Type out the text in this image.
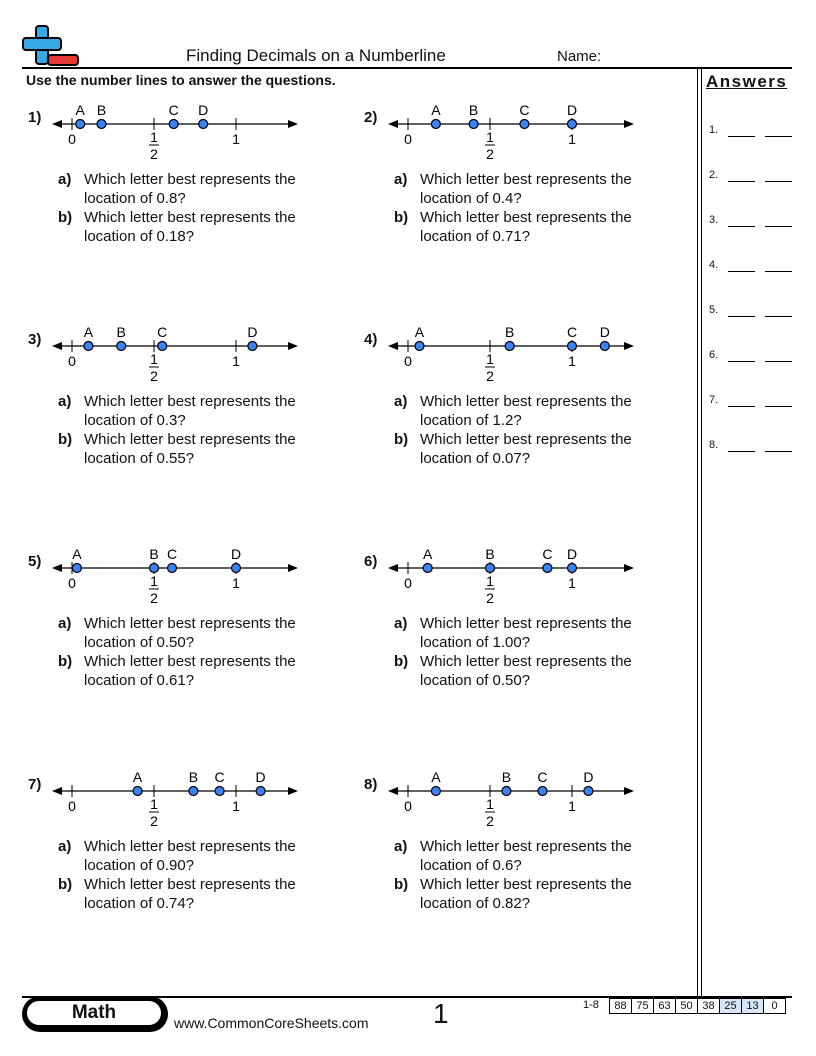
Finding Decimals on a Numberline	Name:
Use the number lines to answer the questions.	Answers
1.
2.
3.
4.
5.
6.
7.
8.
1)
0	1
1
2
A B	C D
a) Which letter best represents the
location of 0.8?
b) Which letter best represents the
location of 0.18?
2)
0	1
1
2
A B	C	D
a) Which letter best represents the
location of 0.4?
b) Which letter best represents the
location of 0.71?
3)
0	1
1
2
A B C	D
a) Which letter best represents the
location of 0.3?
b) Which letter best represents the
location of 0.55?
4)
0	1
1
2
A	B	C D
a) Which letter best represents the
location of 1.2?
b) Which letter best represents the
location of 0.07?
5)
0	1
1
2
A	B C	D
a) Which letter best represents the
location of 0.50?
b) Which letter best represents the
location of 0.61?
6)
0	1
1
2
A	B	C D
a) Which letter best represents the
location of 1.00?
b) Which letter best represents the
location of 0.50?
7)
0	1
1
2
A	B C D
a) Which letter best represents the
location of 0.90?
b) Which letter best represents the
location of 0.74?
8)
0	1
1
2
A	B C	D
a) Which letter best represents the
location of 0.6?
b) Which letter best represents the
location of 0.82?
Math	www.CommonCoreSheets.com 1	1-8	88 75 63 50 38 25 13	0
